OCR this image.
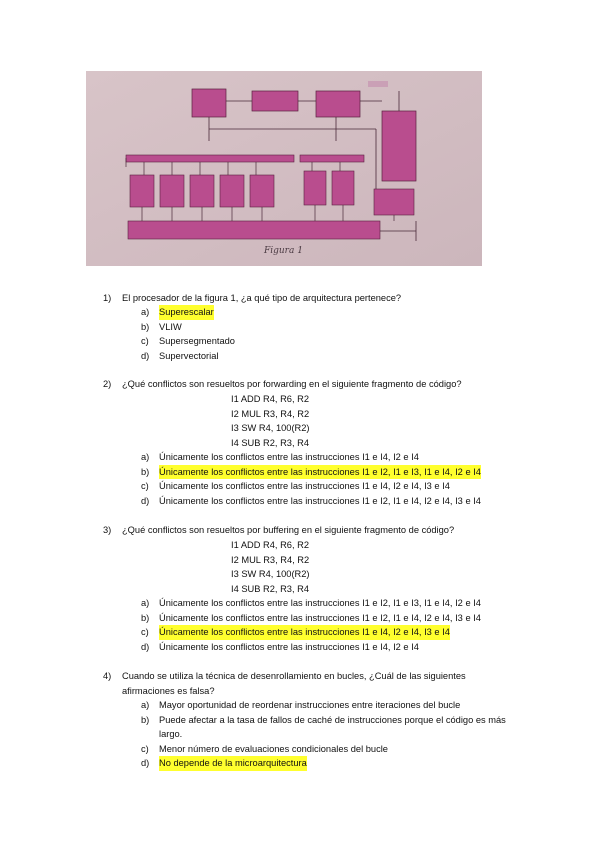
Figura 1
1) El procesador de la figura 1, ¿a qué tipo de arquitectura pertenece?
a) Superescalar
b) VLIW
c) Supersegmentado
d) Supervectorial
2) ¿Qué conflictos son resueltos por forwarding en el siguiente fragmento de código?
I1 ADD R4, R6, R2
I2 MUL R3, R4, R2
I3 SW R4, 100(R2)
I4 SUB R2, R3, R4
a) Únicamente los conflictos entre las instrucciones I1 e I4, I2 e I4
b) Únicamente los conflictos entre las instrucciones I1 e I2, I1 e I3, I1 e I4, I2 e I4
c) Únicamente los conflictos entre las instrucciones I1 e I4, I2 e I4, I3 e I4
d) Únicamente los conflictos entre las instrucciones I1 e I2, I1 e I4, I2 e I4, I3 e I4
3) ¿Qué conflictos son resueltos por buffering en el siguiente fragmento de código?
I1 ADD R4, R6, R2
I2 MUL R3, R4, R2
I3 SW R4, 100(R2)
I4 SUB R2, R3, R4
a) Únicamente los conflictos entre las instrucciones I1 e I2, I1 e I3, I1 e I4, I2 e I4
b) Únicamente los conflictos entre las instrucciones I1 e I2, I1 e I4, I2 e I4, I3 e I4
c) Únicamente los conflictos entre las instrucciones I1 e I4, I2 e I4, I3 e I4
d) Únicamente los conflictos entre las instrucciones I1 e I4, I2 e I4
4) Cuando se utiliza la técnica de desenrollamiento en bucles, ¿Cuál de las siguientes afirmaciones es falsa?
a) Mayor oportunidad de reordenar instrucciones entre iteraciones del bucle
b) Puede afectar a la tasa de fallos de caché de instrucciones porque el código es más largo.
c) Menor número de evaluaciones condicionales del bucle
d) No depende de la microarquitectura
